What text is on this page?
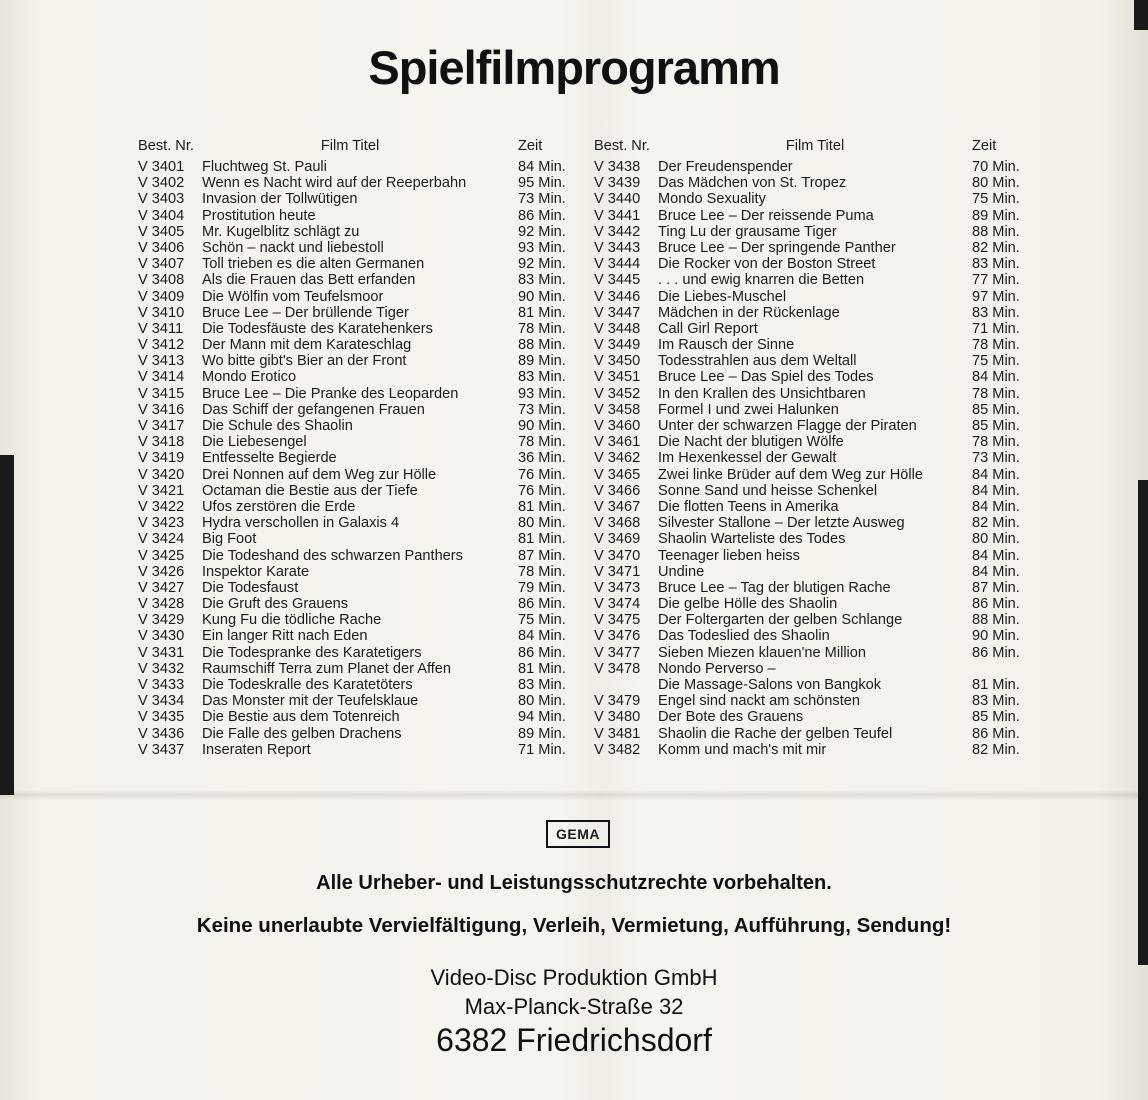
Spielfilmprogramm
Best. Nr.	Film Titel	Zeit
V 3401	Fluchtweg St. Pauli	84 Min.
V 3402	Wenn es Nacht wird auf der Reeperbahn	95 Min.
V 3403	Invasion der Tollwütigen	73 Min.
V 3404	Prostitution heute	86 Min.
V 3405	Mr. Kugelblitz schlägt zu	92 Min.
V 3406	Schön – nackt und liebestoll	93 Min.
V 3407	Toll trieben es die alten Germanen	92 Min.
V 3408	Als die Frauen das Bett erfanden	83 Min.
V 3409	Die Wölfin vom Teufelsmoor	90 Min.
V 3410	Bruce Lee – Der brüllende Tiger	81 Min.
V 3411	Die Todesfäuste des Karatehenkers	78 Min.
V 3412	Der Mann mit dem Karateschlag	88 Min.
V 3413	Wo bitte gibt's Bier an der Front	89 Min.
V 3414	Mondo Erotico	83 Min.
V 3415	Bruce Lee – Die Pranke des Leoparden	93 Min.
V 3416	Das Schiff der gefangenen Frauen	73 Min.
V 3417	Die Schule des Shaolin	90 Min.
V 3418	Die Liebesengel	78 Min.
V 3419	Entfesselte Begierde	36 Min.
V 3420	Drei Nonnen auf dem Weg zur Hölle	76 Min.
V 3421	Octaman die Bestie aus der Tiefe	76 Min.
V 3422	Ufos zerstören die Erde	81 Min.
V 3423	Hydra verschollen in Galaxis 4	80 Min.
V 3424	Big Foot	81 Min.
V 3425	Die Todeshand des schwarzen Panthers	87 Min.
V 3426	Inspektor Karate	78 Min.
V 3427	Die Todesfaust	79 Min.
V 3428	Die Gruft des Grauens	86 Min.
V 3429	Kung Fu die tödliche Rache	75 Min.
V 3430	Ein langer Ritt nach Eden	84 Min.
V 3431	Die Todespranke des Karatetigers	86 Min.
V 3432	Raumschiff Terra zum Planet der Affen	81 Min.
V 3433	Die Todeskralle des Karatetöters	83 Min.
V 3434	Das Monster mit der Teufelsklaue	80 Min.
V 3435	Die Bestie aus dem Totenreich	94 Min.
V 3436	Die Falle des gelben Drachens	89 Min.
V 3437	Inseraten Report	71 Min.
Best. Nr.	Film Titel	Zeit
V 3438	Der Freudenspender	70 Min.
V 3439	Das Mädchen von St. Tropez	80 Min.
V 3440	Mondo Sexuality	75 Min.
V 3441	Bruce Lee – Der reissende Puma	89 Min.
V 3442	Ting Lu der grausame Tiger	88 Min.
V 3443	Bruce Lee – Der springende Panther	82 Min.
V 3444	Die Rocker von der Boston Street	83 Min.
V 3445	. . . und ewig knarren die Betten	77 Min.
V 3446	Die Liebes-Muschel	97 Min.
V 3447	Mädchen in der Rückenlage	83 Min.
V 3448	Call Girl Report	71 Min.
V 3449	Im Rausch der Sinne	78 Min.
V 3450	Todesstrahlen aus dem Weltall	75 Min.
V 3451	Bruce Lee – Das Spiel des Todes	84 Min.
V 3452	In den Krallen des Unsichtbaren	78 Min.
V 3458	Formel I und zwei Halunken	85 Min.
V 3460	Unter der schwarzen Flagge der Piraten	85 Min.
V 3461	Die Nacht der blutigen Wölfe	78 Min.
V 3462	Im Hexenkessel der Gewalt	73 Min.
V 3465	Zwei linke Brüder auf dem Weg zur Hölle	84 Min.
V 3466	Sonne Sand und heisse Schenkel	84 Min.
V 3467	Die flotten Teens in Amerika	84 Min.
V 3468	Silvester Stallone – Der letzte Ausweg	82 Min.
V 3469	Shaolin Warteliste des Todes	80 Min.
V 3470	Teenager lieben heiss	84 Min.
V 3471	Undine	84 Min.
V 3473	Bruce Lee – Tag der blutigen Rache	87 Min.
V 3474	Die gelbe Hölle des Shaolin	86 Min.
V 3475	Der Foltergarten der gelben Schlange	88 Min.
V 3476	Das Todeslied des Shaolin	90 Min.
V 3477	Sieben Miezen klauen'ne Million	86 Min.
V 3478	Nondo Perverso –
Die Massage-Salons von Bangkok	81 Min.
V 3479	Engel sind nackt am schönsten	83 Min.
V 3480	Der Bote des Grauens	85 Min.
V 3481	Shaolin die Rache der gelben Teufel	86 Min.
V 3482	Komm und mach's mit mir	82 Min.
GEMA

Alle Urheber- und Leistungsschutzrechte vorbehalten.

Keine unerlaubte Vervielfältigung, Verleih, Vermietung, Aufführung, Sendung!

Video-Disc Produktion GmbH
Max-Planck-Straße 32
6382 Friedrichsdorf
